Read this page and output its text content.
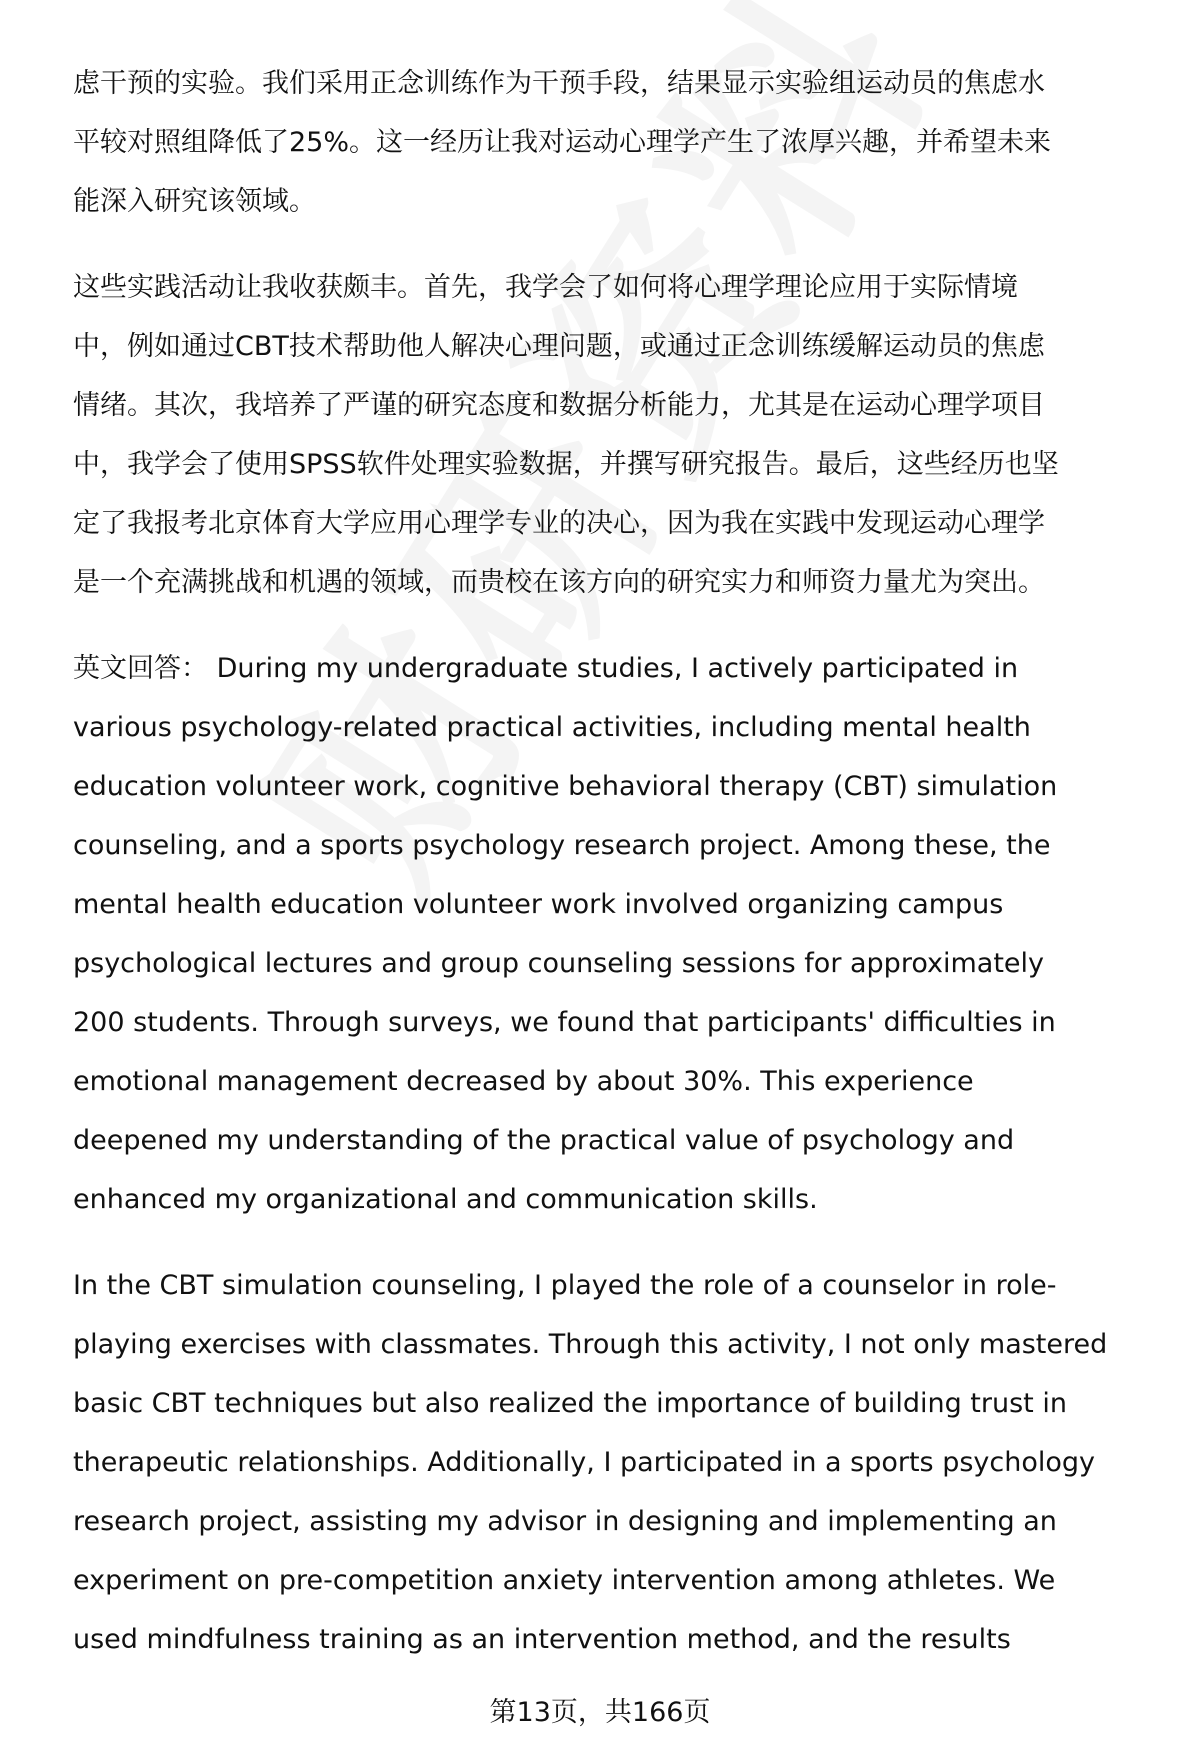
虑干预的实验。我们采用正念训练作为干预手段，结果显示实验组运动员的焦虑水
平较对照组降低了25%。这一经历让我对运动心理学产生了浓厚兴趣，并希望未来
能深入研究该领域。
这些实践活动让我收获颇丰。首先，我学会了如何将心理学理论应用于实际情境
中，例如通过CBT技术帮助他人解决心理问题，或通过正念训练缓解运动员的焦虑
情绪。其次，我培养了严谨的研究态度和数据分析能力，尤其是在运动心理学项目
中，我学会了使用SPSS软件处理实验数据，并撰写研究报告。最后，这些经历也坚
定了我报考北京体育大学应用心理学专业的决心，因为我在实践中发现运动心理学
是一个充满挑战和机遇的领域，而贵校在该方向的研究实力和师资力量尤为突出。
英文回答： During my undergraduate studies, I actively participated in
various psychology-related practical activities, including mental health
education volunteer work, cognitive behavioral therapy (CBT) simulation
counseling, and a sports psychology research project. Among these, the
mental health education volunteer work involved organizing campus
psychological lectures and group counseling sessions for approximately
200 students. Through surveys, we found that participants' difficulties in
emotional management decreased by about 30%. This experience
deepened my understanding of the practical value of psychology and
enhanced my organizational and communication skills.
In the CBT simulation counseling, I played the role of a counselor in role-
playing exercises with classmates. Through this activity, I not only mastered
basic CBT techniques but also realized the importance of building trust in
therapeutic relationships. Additionally, I participated in a sports psychology
research project, assisting my advisor in designing and implementing an
experiment on pre-competition anxiety intervention among athletes. We
used mindfulness training as an intervention method, and the results
第13页，共166页
